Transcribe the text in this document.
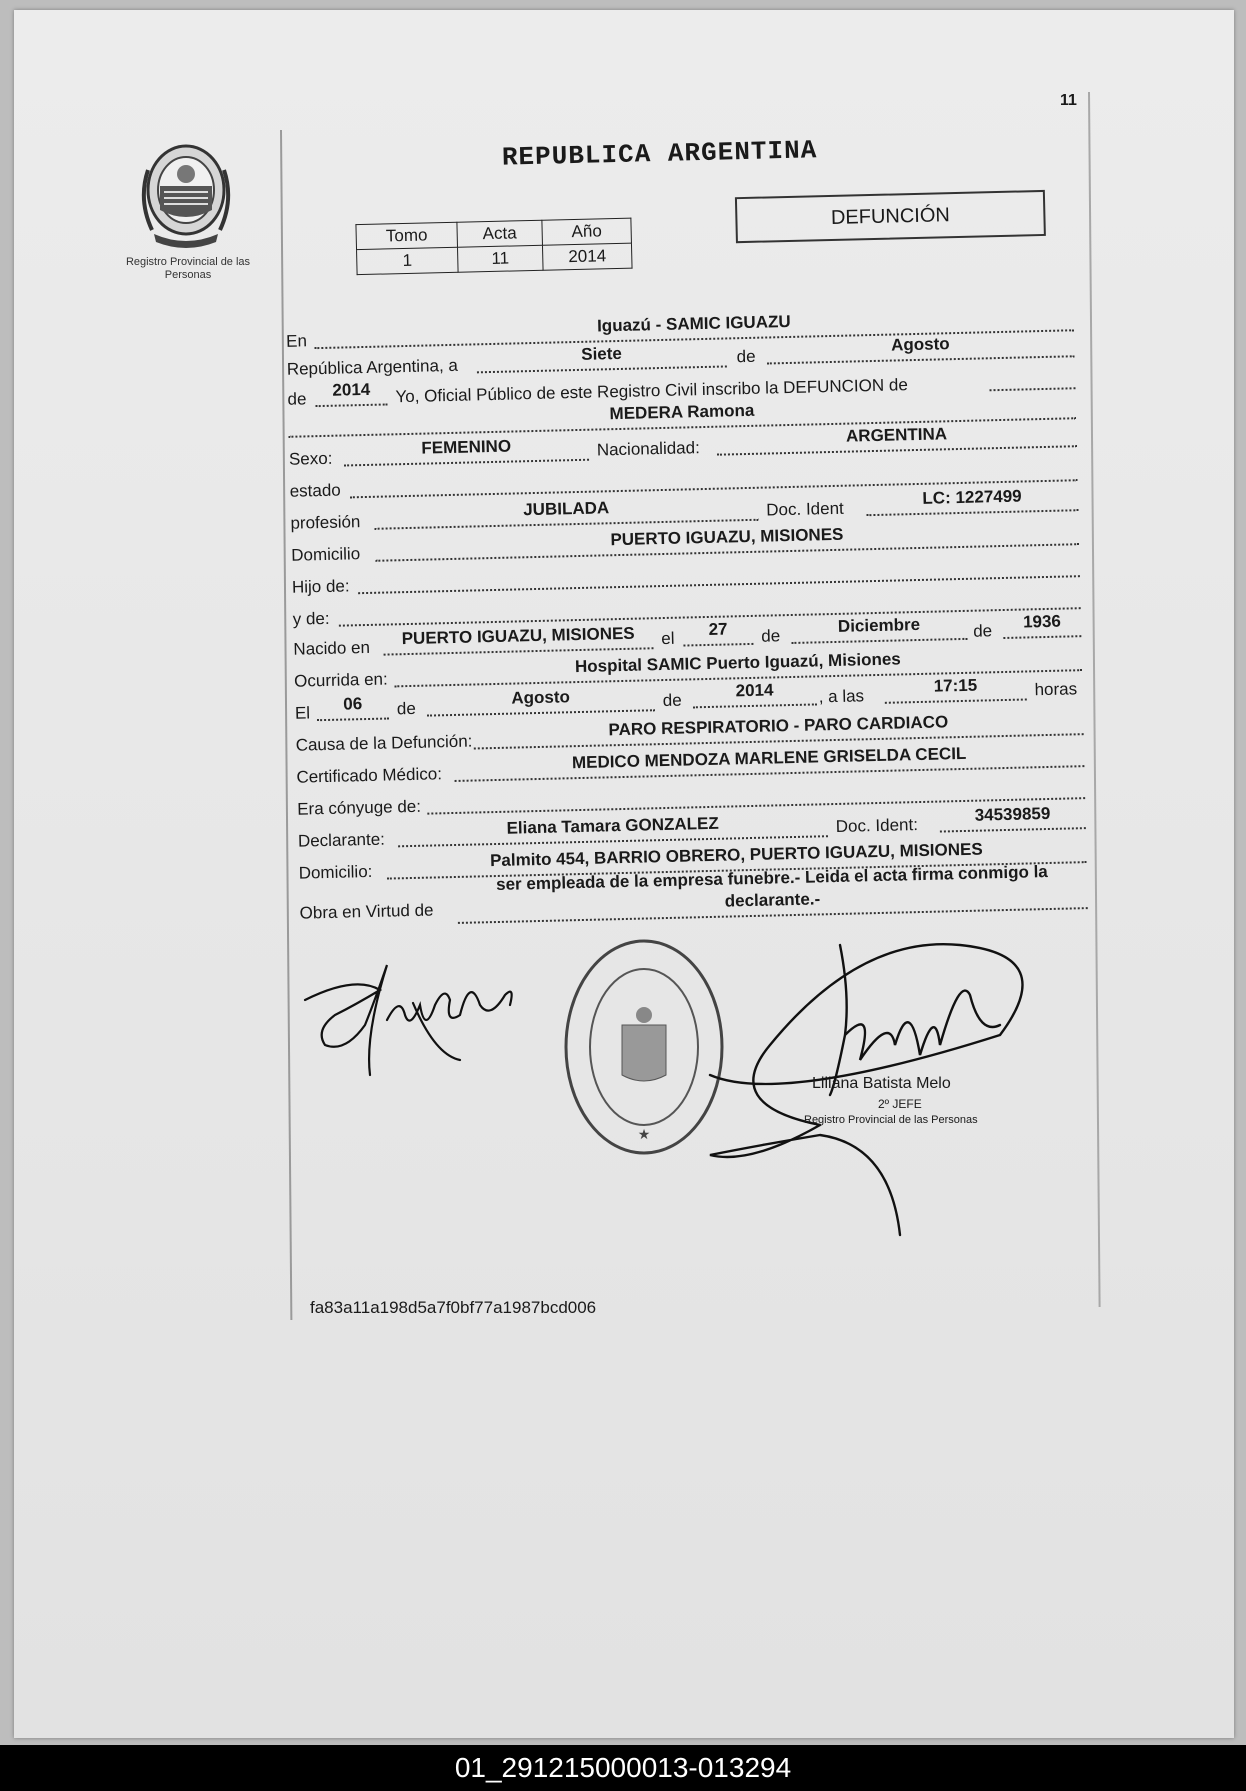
11
Registro Provincial de las Personas
REPUBLICA ARGENTINA
Tomo	Acta	Año
1	11	2014
DEFUNCIÓN
En
Iguazú - SAMIC IGUAZU
República Argentina, a
Siete	de
Agosto
de	2014	Yo, Oficial Público de este Registro Civil inscribo la DEFUNCION de
MEDERA Ramona
Sexo:
FEMENINO	Nacionalidad:
ARGENTINA
estado
profesión
JUBILADA	Doc. Ident
LC: 1227499
Domicilio
PUERTO IGUAZU, MISIONES
Hijo de:
y de:
Nacido en
PUERTO IGUAZU, MISIONES	el	27	de
Diciembre	de	1936
Ocurrida en:
Hospital SAMIC Puerto Iguazú, Misiones
El	06	de
Agosto	de	2014	, a las
17:15	horas
Causa de la Defunción:
PARO RESPIRATORIO - PARO CARDIACO
Certificado Médico:
MEDICO MENDOZA MARLENE GRISELDA CECIL
Era cónyuge de:
Declarante:
Eliana Tamara GONZALEZ	Doc. Ident:
34539859
Domicilio:
Palmito 454, BARRIO OBRERO, PUERTO IGUAZU, MISIONES
Obra en Virtud de
ser empleada de la empresa funebre.- Leida el acta firma conmigo la
declarante.-
★
Liliana Batista Melo
2º JEFE
Registro Provincial de las Personas
fa83a11a198d5a7f0bf77a1987bcd006
01_291215000013-013294
